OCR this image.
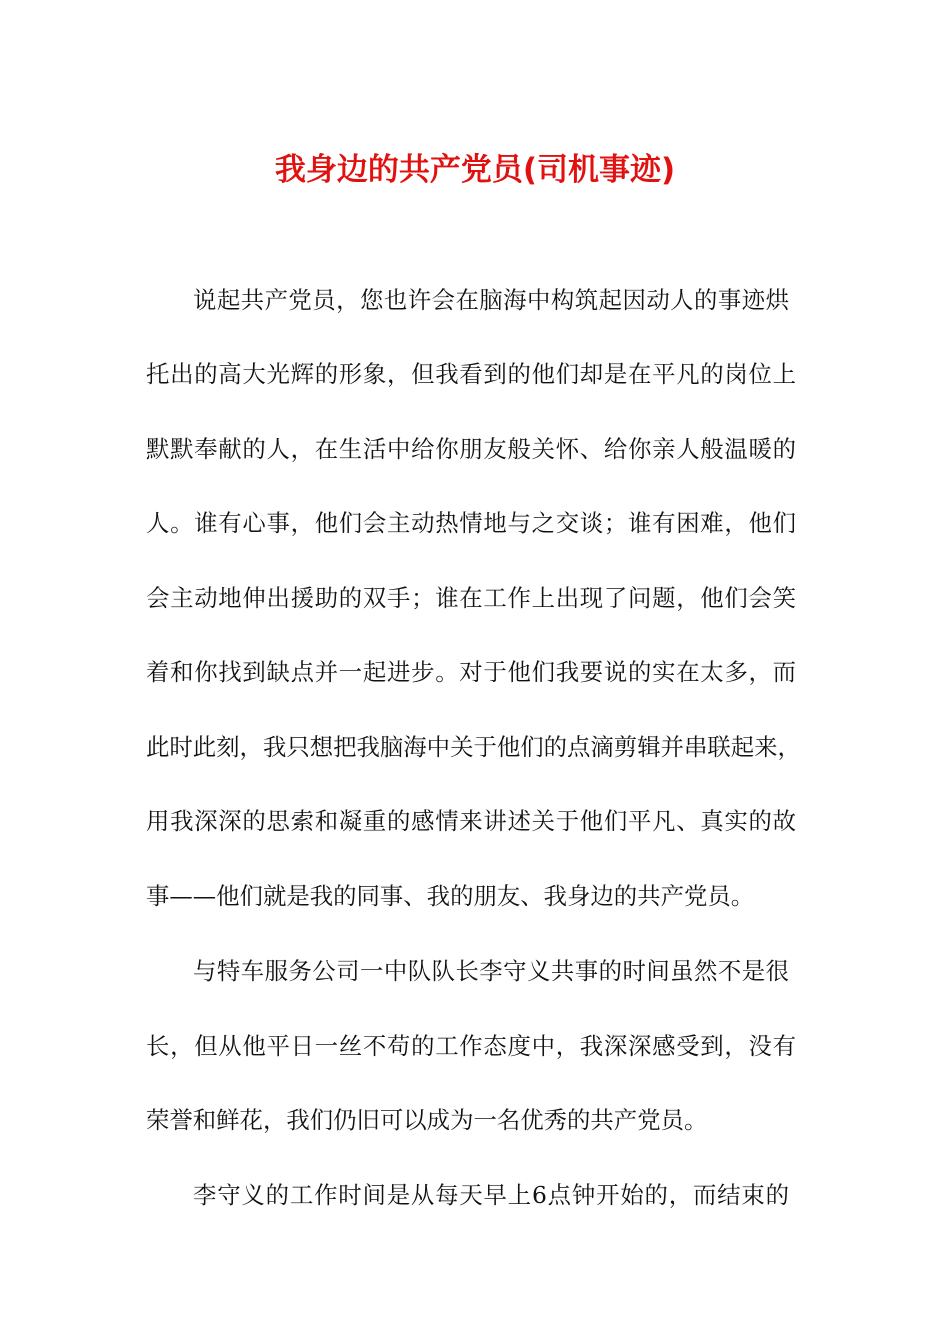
我身边的共产党员(司机事迹)
说起共产党员，您也许会在脑海中构筑起因动人的事迹烘
托出的高大光辉的形象，但我看到的他们却是在平凡的岗位上
默默奉献的人，在生活中给你朋友般关怀、给你亲人般温暖的
人。谁有心事，他们会主动热情地与之交谈；谁有困难，他们
会主动地伸出援助的双手；谁在工作上出现了问题，他们会笑
着和你找到缺点并一起进步。对于他们我要说的实在太多，而
此时此刻，我只想把我脑海中关于他们的点滴剪辑并串联起来，
用我深深的思索和凝重的感情来讲述关于他们平凡、真实的故
事——他们就是我的同事、我的朋友、我身边的共产党员。
与特车服务公司一中队队长李守义共事的时间虽然不是很
长，但从他平日一丝不苟的工作态度中，我深深感受到，没有
荣誉和鲜花，我们仍旧可以成为一名优秀的共产党员。
李守义的工作时间是从每天早上6点钟开始的，而结束的
